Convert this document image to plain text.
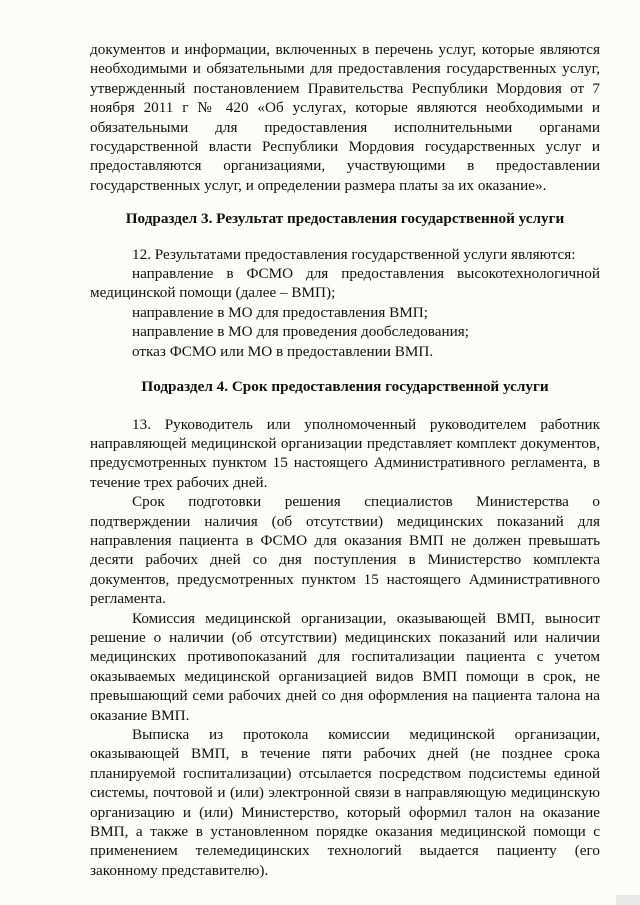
документов и информации, включенных в перечень услуг, которые являются необходимыми и обязательными для предоставления государственных услуг, утвержденный постановлением Правительства Республики Мордовия от 7 ноября 2011 г № 420 «Об услугах, которые являются необходимыми и обязательными для предоставления исполнительными органами государственной власти Республики Мордовия государственных услуг и предоставляются организациями, участвующими в предоставлении государственных услуг, и определении размера платы за их оказание».

Подраздел 3. Результат предоставления государственной услуги

12. Результатами предоставления государственной услуги являются:

направление в ФСМО для предоставления высокотехнологичной медицинской помощи (далее – ВМП);

направление в МО для предоставления ВМП;

направление в МО для проведения дообследования;

отказ ФСМО или МО в предоставлении ВМП.

Подраздел 4. Срок предоставления государственной услуги

13. Руководитель или уполномоченный руководителем работник направляющей медицинской организации представляет комплект документов, предусмотренных пунктом 15 настоящего Административного регламента, в течение трех рабочих дней.

Срок подготовки решения специалистов Министерства о подтверждении наличия (об отсутствии) медицинских показаний для направления пациента в ФСМО для оказания ВМП не должен превышать десяти рабочих дней со дня поступления в Министерство комплекта документов, предусмотренных пунктом 15 настоящего Административного регламента.

Комиссия медицинской организации, оказывающей ВМП, выносит решение о наличии (об отсутствии) медицинских показаний или наличии медицинских противопоказаний для госпитализации пациента с учетом оказываемых медицинской организацией видов ВМП помощи в срок, не превышающий семи рабочих дней со дня оформления на пациента талона на оказание ВМП.

Выписка из протокола комиссии медицинской организации, оказывающей ВМП, в течение пяти рабочих дней (не позднее срока планируемой госпитализации) отсылается посредством подсистемы единой системы, почтовой и (или) электронной связи в направляющую медицинскую организацию и (или) Министерство, который оформил талон на оказание ВМП, а также в установленном порядке оказания медицинской помощи с применением телемедицинских технологий выдается пациенту (его законному представителю).
